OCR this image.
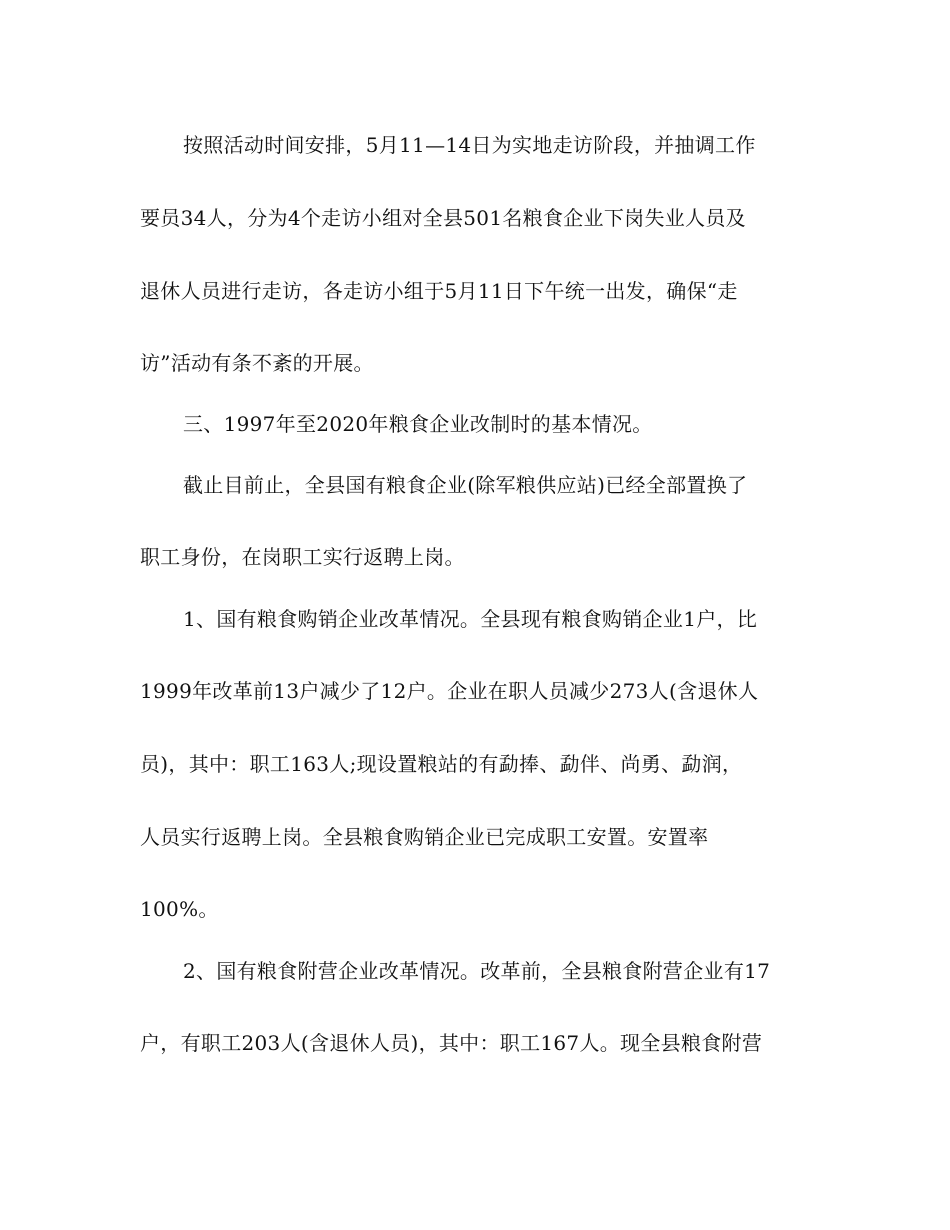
按照活动时间安排，5月11—14日为实地走访阶段，并抽调工作
要员34人，分为4个走访小组对全县501名粮食企业下岗失业人员及
退休人员进行走访，各走访小组于5月11日下午统一出发，确保“走
访”活动有条不紊的开展。
三、1997年至2020年粮食企业改制时的基本情况。
截止目前止，全县国有粮食企业(除军粮供应站)已经全部置换了
职工身份，在岗职工实行返聘上岗。
1、国有粮食购销企业改革情况。全县现有粮食购销企业1户，比
1999年改革前13户减少了12户。企业在职人员减少273人(含退休人
员)，其中：职工163人;现设置粮站的有勐捧、勐伴、尚勇、勐润，
人员实行返聘上岗。全县粮食购销企业已完成职工安置。安置率
100%。
2、国有粮食附营企业改革情况。改革前，全县粮食附营企业有17
户，有职工203人(含退休人员)，其中：职工167人。现全县粮食附营
